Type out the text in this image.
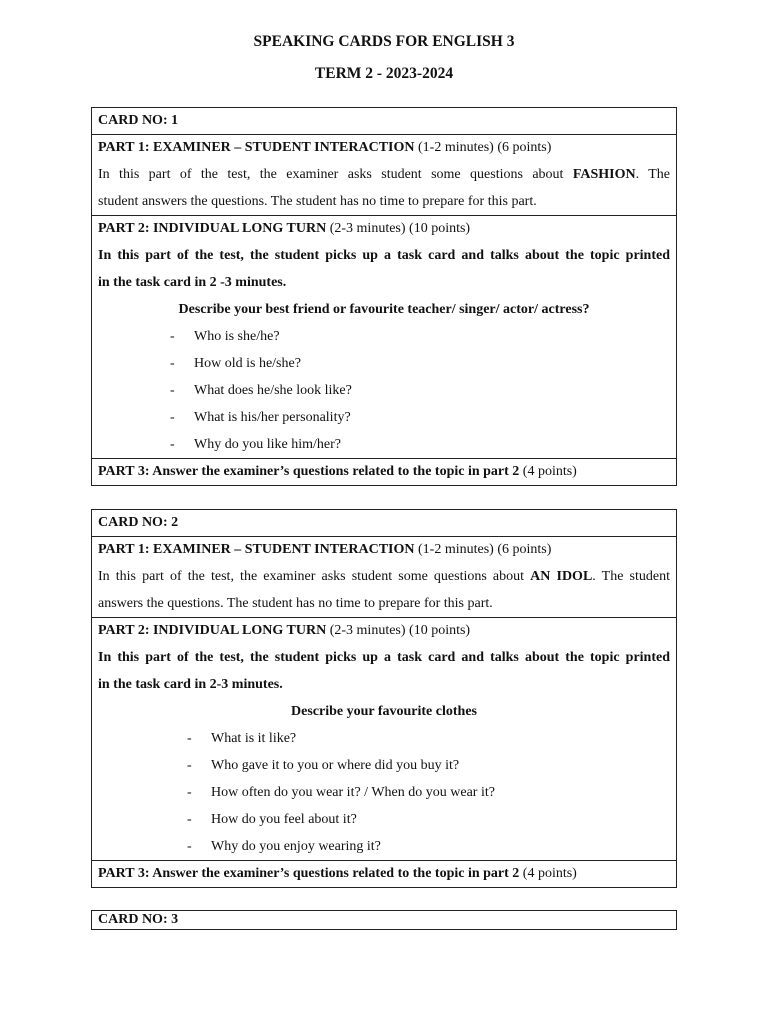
SPEAKING CARDS FOR ENGLISH 3
TERM 2 - 2023-2024
CARD NO: 1
PART 1: EXAMINER – STUDENT INTERACTION (1-2 minutes) (6 points)
In this part of the test, the examiner asks student some questions about FASHION. The
student answers the questions. The student has no time to prepare for this part.
PART 2: INDIVIDUAL LONG TURN (2-3 minutes) (10 points)
In this part of the test, the student picks up a task card and talks about the topic printed
in the task card in 2 -3 minutes.
Describe your best friend or favourite teacher/ singer/ actor/ actress?
-	Who is she/he?
-	How old is he/she?
-	What does he/she look like?
-	What is his/her personality?
-	Why do you like him/her?
PART 3: Answer the examiner’s questions related to the topic in part 2 (4 points)
CARD NO: 2
PART 1: EXAMINER – STUDENT INTERACTION (1-2 minutes) (6 points)
In this part of the test, the examiner asks student some questions about AN IDOL. The student
answers the questions. The student has no time to prepare for this part.
PART 2: INDIVIDUAL LONG TURN (2-3 minutes) (10 points)
In this part of the test, the student picks up a task card and talks about the topic printed
in the task card in 2-3 minutes.
Describe your favourite clothes
-	What is it like?
-	Who gave it to you or where did you buy it?
-	How often do you wear it? / When do you wear it?
-	How do you feel about it?
-	Why do you enjoy wearing it?
PART 3: Answer the examiner’s questions related to the topic in part 2 (4 points)
CARD NO: 3
